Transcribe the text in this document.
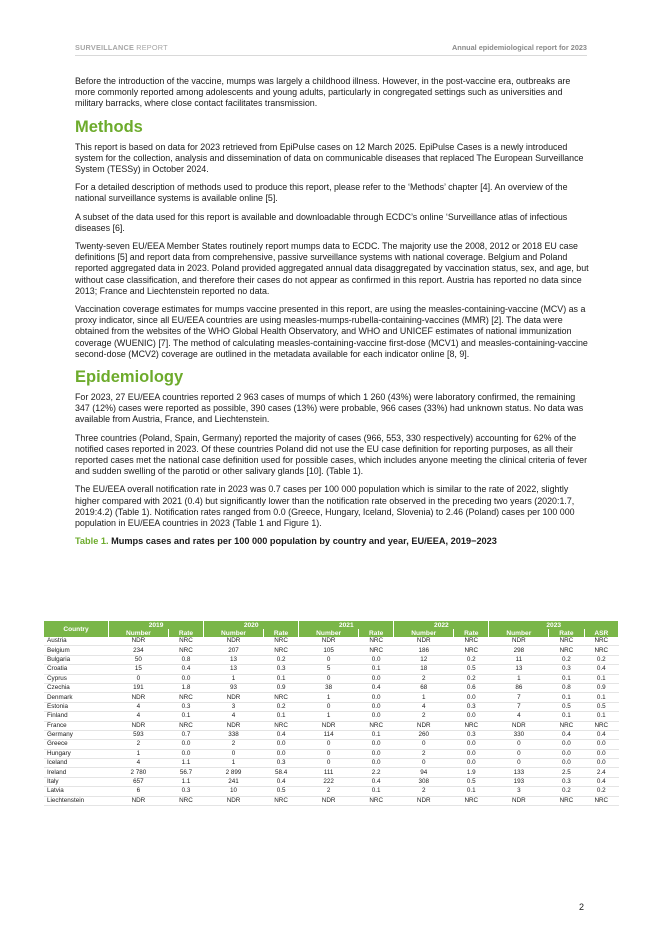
SURVEILLANCE REPORT	Annual epidemiological report for 2023

Before the introduction of the vaccine, mumps was largely a childhood illness. However, in the post-vaccine era, outbreaks are more commonly reported among adolescents and young adults, particularly in congregated settings such as universities and military barracks, where close contact facilitates transmission.

Methods

This report is based on data for 2023 retrieved from EpiPulse cases on 12 March 2025. EpiPulse Cases is a newly introduced system for the collection, analysis and dissemination of data on communicable diseases that replaced The European Surveillance System (TESSy) in October 2024.

For a detailed description of methods used to produce this report, please refer to the ‘Methods’ chapter [4]. An overview of the national surveillance systems is available online [5].

A subset of the data used for this report is available and downloadable through ECDC’s online ‘Surveillance atlas of infectious diseases [6].

Twenty-seven EU/EEA Member States routinely report mumps data to ECDC. The majority use the 2008, 2012 or 2018 EU case definitions [5] and report data from comprehensive, passive surveillance systems with national coverage. Belgium and Poland reported aggregated data in 2023. Poland provided aggregated annual data disaggregated by vaccination status, sex, and age, but without case classification, and therefore their cases do not appear as confirmed in this report. Austria has reported no data since 2013; France and Liechtenstein reported no data.

Vaccination coverage estimates for mumps vaccine presented in this report, are using the measles-containing-vaccine (MCV) as a proxy indicator, since all EU/EEA countries are using measles-mumps-rubella-containing-vaccines (MMR) [2]. The data were obtained from the websites of the WHO Global Health Observatory, and WHO and UNICEF estimates of national immunization coverage (WUENIC) [7]. The method of calculating measles-containing-vaccine first-dose (MCV1) and measles-containing-vaccine second-dose (MCV2) coverage are outlined in the metadata available for each indicator online [8, 9].

Epidemiology

For 2023, 27 EU/EEA countries reported 2 963 cases of mumps of which 1 260 (43%) were laboratory confirmed, the remaining 347 (12%) cases were reported as possible, 390 cases (13%) were probable, 966 cases (33%) had unknown status. No data was available from Austria, France, and Liechtenstein.

Three countries (Poland, Spain, Germany) reported the majority of cases (966, 553, 330 respectively) accounting for 62% of the notified cases reported in 2023. Of these countries Poland did not use the EU case definition for reporting purposes, as all their reported cases met the national case definition used for possible cases, which includes anyone meeting the clinical criteria of fever and sudden swelling of the parotid or other salivary glands [10]. (Table 1).

The EU/EEA overall notification rate in 2023 was 0.7 cases per 100 000 population which is similar to the rate of 2022, slightly higher compared with 2021 (0.4) but significantly lower than the notification rate observed in the preceding two years (2020:1.7, 2019:4.2) (Table 1). Notification rates ranged from 0.0 (Greece, Hungary, Iceland, Slovenia) to 2.46 (Poland) cases per 100 000 population in EU/EEA countries in 2023 (Table 1 and Figure 1).

Table 1. Mumps cases and rates per 100 000 population by country and year, EU/EEA, 2019−2023
Country	2019		2020		2021		2022		2023		
	Number	Rate	Number	Rate	Number	Rate	Number	Rate	Number	Rate	ASR
Austria	NDR	NRC	NDR	NRC	NDR	NRC	NDR	NRC	NDR	NRC	NRC
Belgium	234	NRC	207	NRC	105	NRC	186	NRC	298	NRC	NRC
Bulgaria	50	0.8	13	0.2	0	0.0	12	0.2	11	0.2	0.2
Croatia	15	0.4	13	0.3	5	0.1	18	0.5	13	0.3	0.4
Cyprus	0	0.0	1	0.1	0	0.0	2	0.2	1	0.1	0.1
Czechia	191	1.8	93	0.9	38	0.4	68	0.6	86	0.8	0.9
Denmark	NDR	NRC	NDR	NRC	1	0.0	1	0.0	7	0.1	0.1
Estonia	4	0.3	3	0.2	0	0.0	4	0.3	7	0.5	0.5
Finland	4	0.1	4	0.1	1	0.0	2	0.0	4	0.1	0.1
France	NDR	NRC	NDR	NRC	NDR	NRC	NDR	NRC	NDR	NRC	NRC
Germany	593	0.7	338	0.4	114	0.1	260	0.3	330	0.4	0.4
Greece	2	0.0	2	0.0	0	0.0	0	0.0	0	0.0	0.0
Hungary	1	0.0	0	0.0	0	0.0	2	0.0	0	0.0	0.0
Iceland	4	1.1	1	0.3	0	0.0	0	0.0	0	0.0	0.0
Ireland	2 780	56.7	2 899	58.4	111	2.2	94	1.9	133	2.5	2.4
Italy	657	1.1	241	0.4	222	0.4	308	0.5	193	0.3	0.4
Latvia	6	0.3	10	0.5	2	0.1	2	0.1	3	0.2	0.2
Liechtenstein	NDR	NRC	NDR	NRC	NDR	NRC	NDR	NRC	NDR	NRC	NRC
2
